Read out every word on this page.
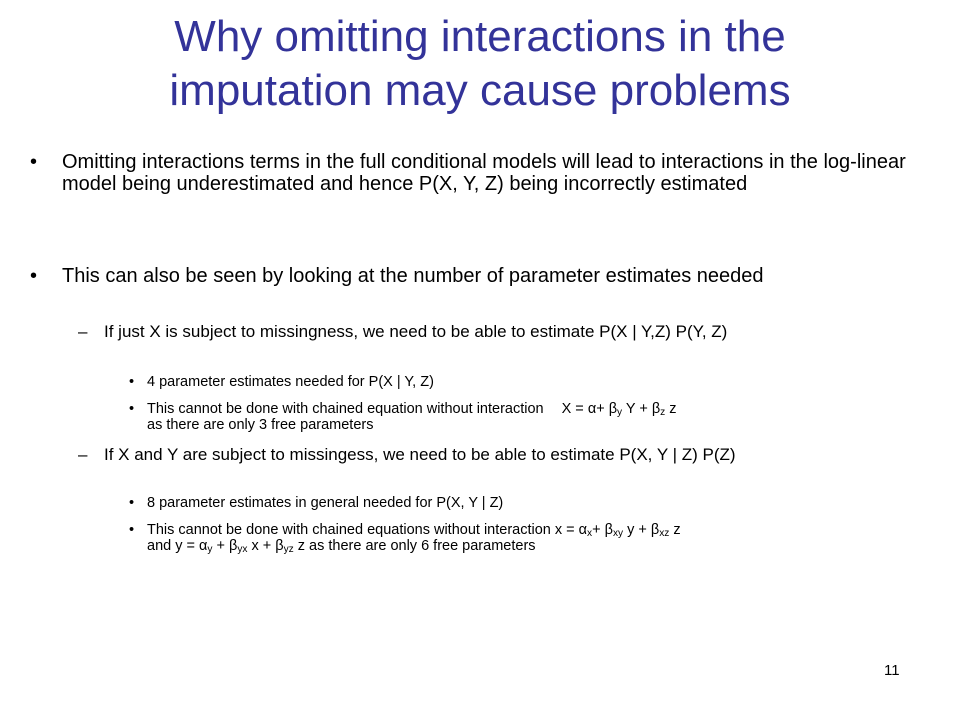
Why omitting interactions in the
imputation may cause problems
• Omitting interactions terms in the full conditional models will lead to interactions in the log-linear model being underestimated and hence P(X, Y, Z) being incorrectly estimated
• This can also be seen by looking at the number of parameter estimates needed
– If just X is subject to missingness, we need to be able to estimate P(X | Y,Z) P(Y, Z)
• 4 parameter estimates needed for P(X | Y, Z)
• This cannot be done with chained equation without interaction $X = \alpha+ \beta_y$ $Y + \beta_z$ z
as there are only 3 free parameters
– If X and Y are subject to missingess, we need to be able to estimate P(X, Y | Z) P(Z)
• 8 parameter estimates in general needed for P(X, Y | Z)
• This cannot be done with chained equations without interaction $x = \alpha_x+ \beta_{xy}$ $y + \beta_{xz}$ z
and $y = \alpha_y + \beta_{yx}$ $x + \beta_{yz}$ z as there are only 6 free parameters
11
